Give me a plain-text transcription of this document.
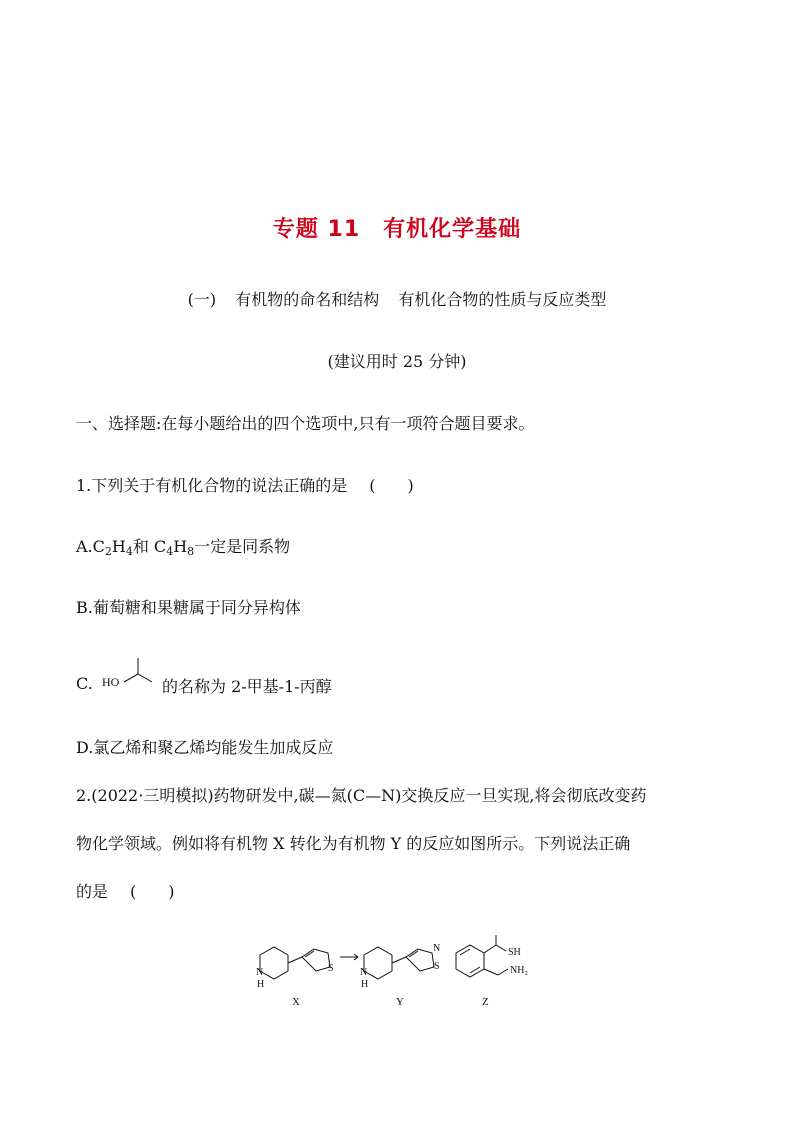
专题 11　有机化学基础
(一) 有机物的命名和结构 有机化合物的性质与反应类型
(建议用时 25 分钟)
一、选择题:在每小题给出的四个选项中,只有一项符合题目要求。
1.下列关于有机化合物的说法正确的是 (　　)
$A.C_2H_4$和 $C_4H_8$一定是同系物
B.葡萄糖和果糖属于同分异构体
C. HO	的名称为 2-甲基-1-丙醇
D.氯乙烯和聚乙烯均能发生加成反应
2.(2022·三明模拟)药物研发中,碳—氮(C—N)交换反应一旦实现,将会彻底改变药
物化学领域。例如将有机物 X 转化为有机物 Y 的反应如图所示。下列说法正确
的是 (　　)
N
H
S	N
H
N
S
SH
NH₂
X	Y	Z
